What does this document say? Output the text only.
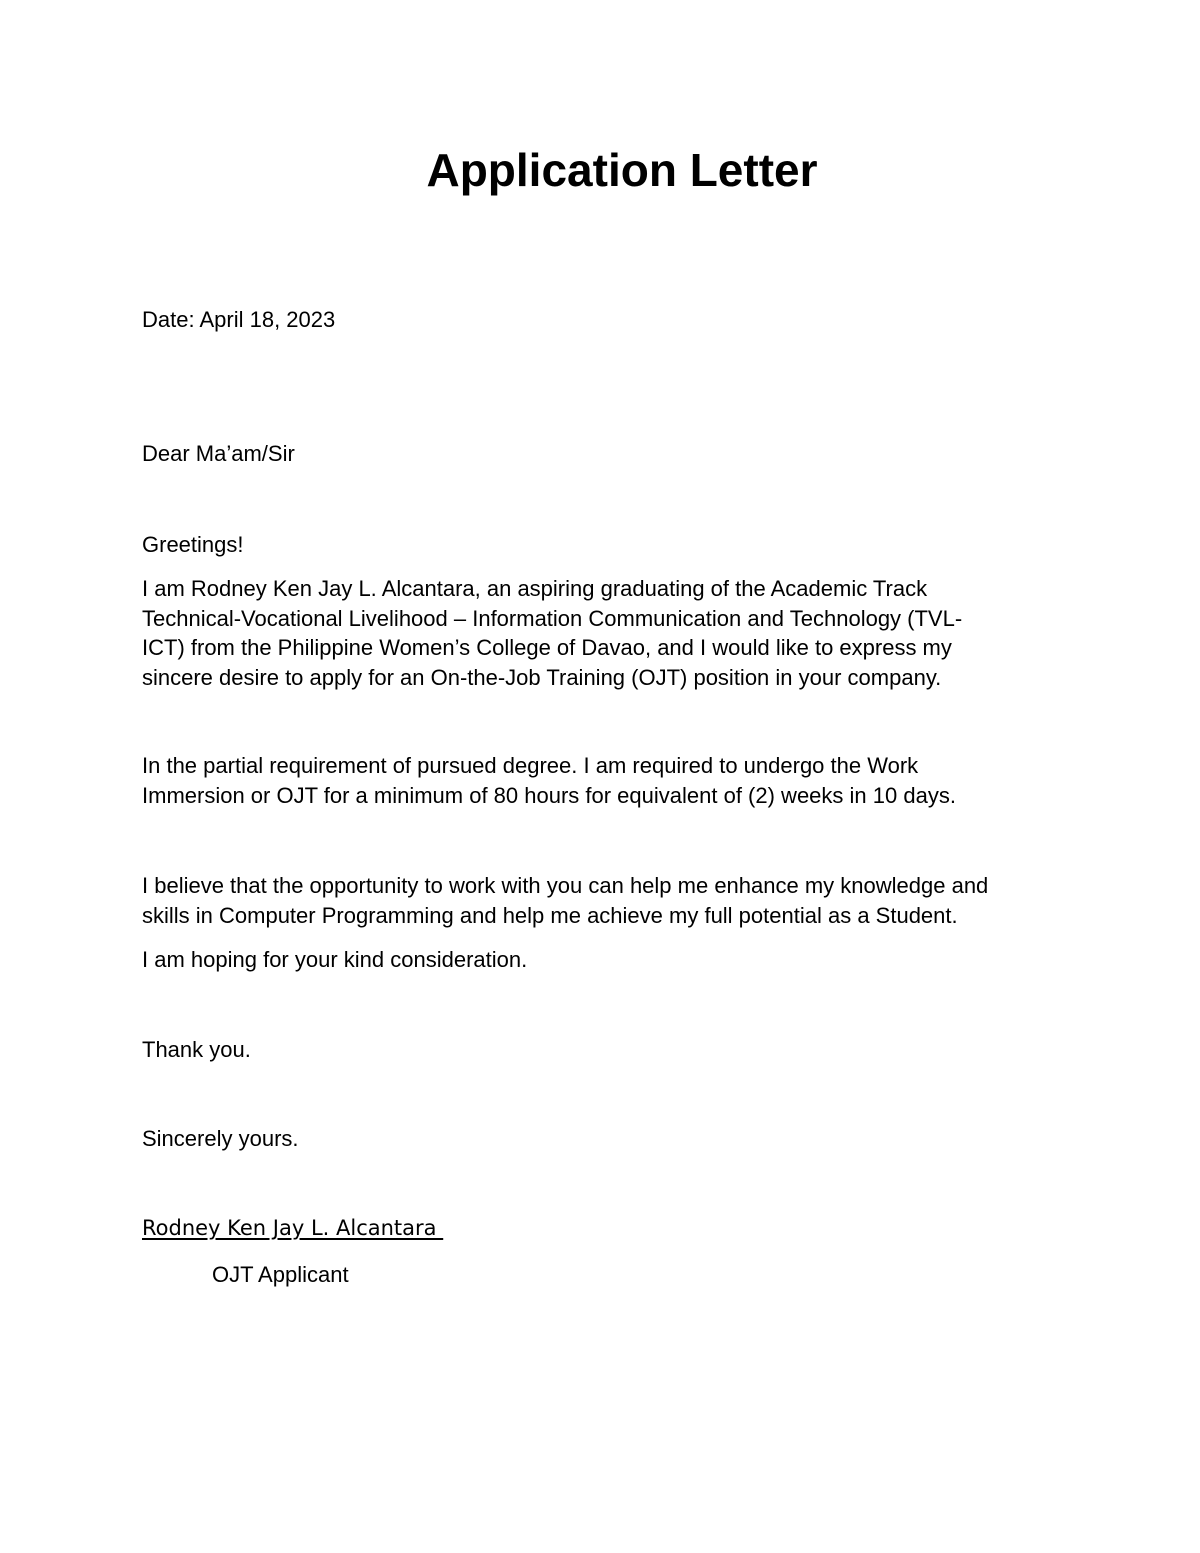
Application Letter

Date: April 18, 2023

Dear Ma’am/Sir

Greetings!

I am Rodney Ken Jay L. Alcantara, an aspiring graduating of the Academic Track

Technical-Vocational Livelihood – Information Communication and Technology (TVL-

ICT) from the Philippine Women’s College of Davao, and I would like to express my

sincere desire to apply for an On-the-Job Training (OJT) position in your company.

In the partial requirement of pursued degree. I am required to undergo the Work

Immersion or OJT for a minimum of 80 hours for equivalent of (2) weeks in 10 days.

I believe that the opportunity to work with you can help me enhance my knowledge and

skills in Computer Programming and help me achieve my full potential as a Student.

I am hoping for your kind consideration.

Thank you.

Sincerely yours.

Rodney Ken Jay L. Alcantara

OJT Applicant
